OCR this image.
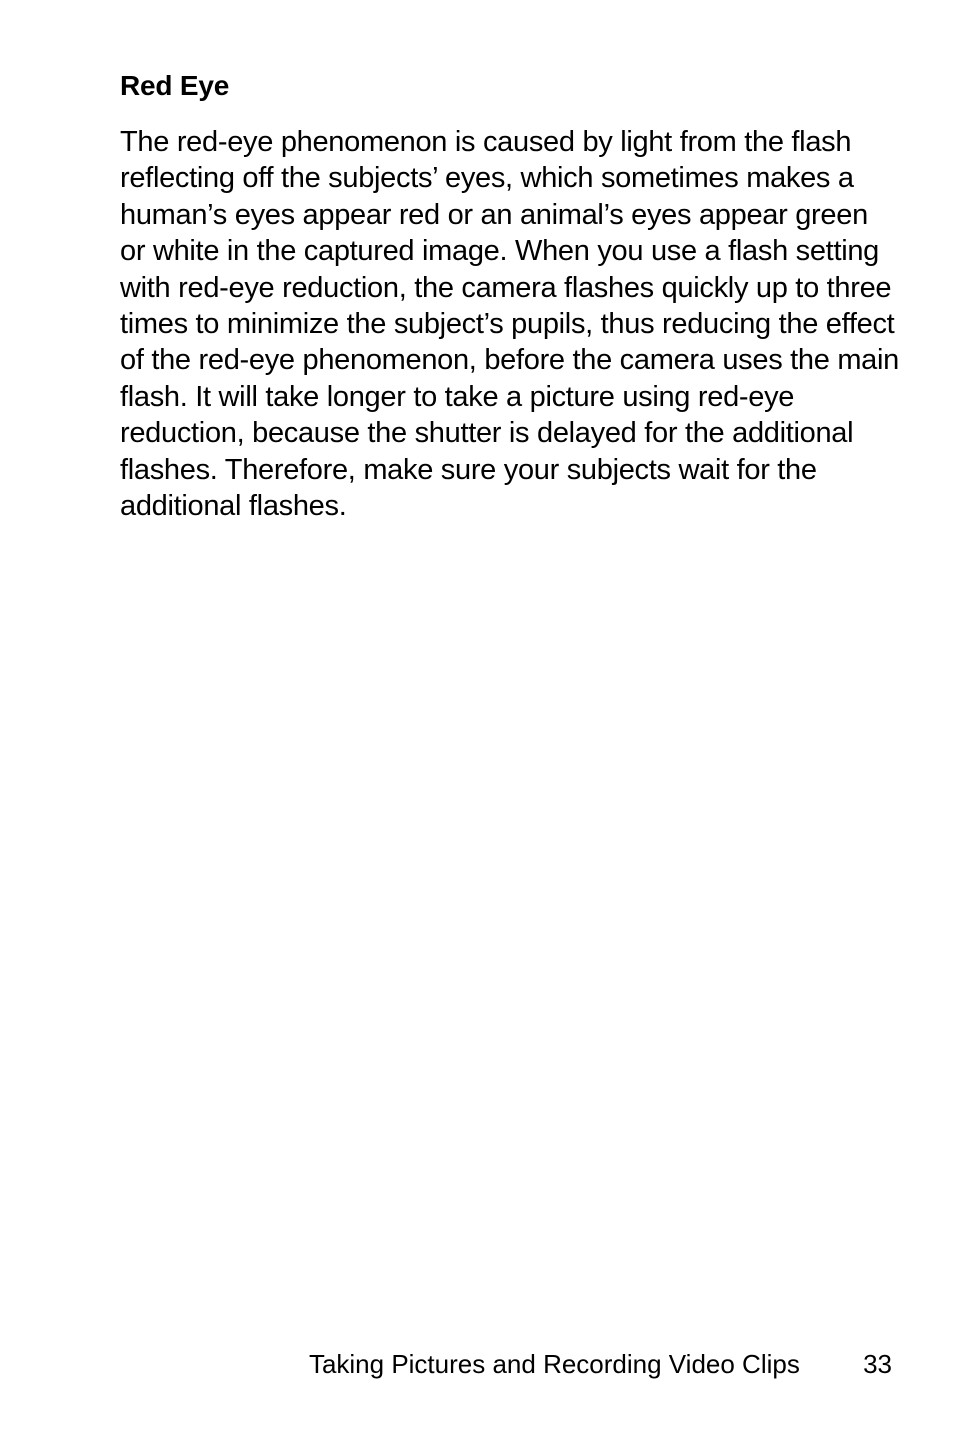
Red Eye

The red-eye phenomenon is caused by light from the flash
reflecting off the subjects’ eyes, which sometimes makes a
human’s eyes appear red or an animal’s eyes appear green
or white in the captured image. When you use a flash setting
with red-eye reduction, the camera flashes quickly up to three
times to minimize the subject’s pupils, thus reducing the effect
of the red-eye phenomenon, before the camera uses the main
flash. It will take longer to take a picture using red-eye
reduction, because the shutter is delayed for the additional
flashes. Therefore, make sure your subjects wait for the
additional flashes.

Taking Pictures and Recording Video Clips 33
